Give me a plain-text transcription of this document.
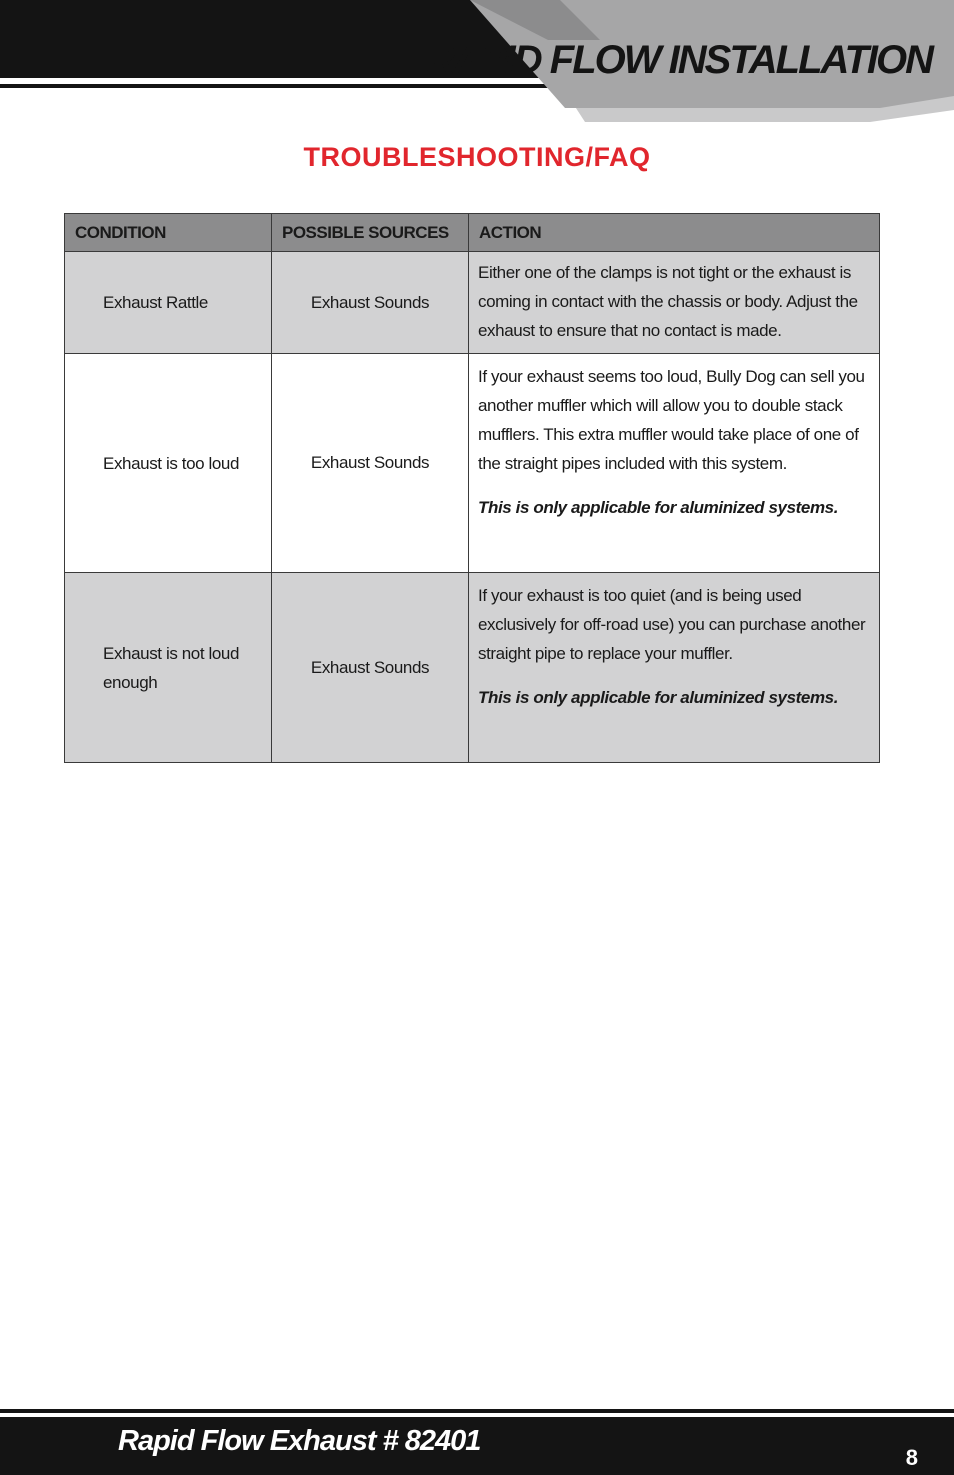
RAPID FLOW INSTALLATION
TROUBLESHOOTING/FAQ
CONDITION	POSSIBLE SOURCES	ACTION
Exhaust Rattle	Exhaust Sounds	Either one of the clamps is not tight or the exhaust is coming in contact with the chassis or body. Adjust the exhaust to ensure that no contact is made.

Exhaust is too loud	Exhaust Sounds	If your exhaust seems too loud, Bully Dog can sell you another muffler which will allow you to double stack mufflers. This extra muffler would take place of one of the straight pipes included with this system.

This is only applicable for aluminized systems.

Exhaust is not loud enough	Exhaust Sounds	If your exhaust is too quiet (and is being used exclusively for off-road use) you can purchase another straight pipe to replace your muffler.

This is only applicable for aluminized systems.

Rapid Flow Exhaust # 82401

8
